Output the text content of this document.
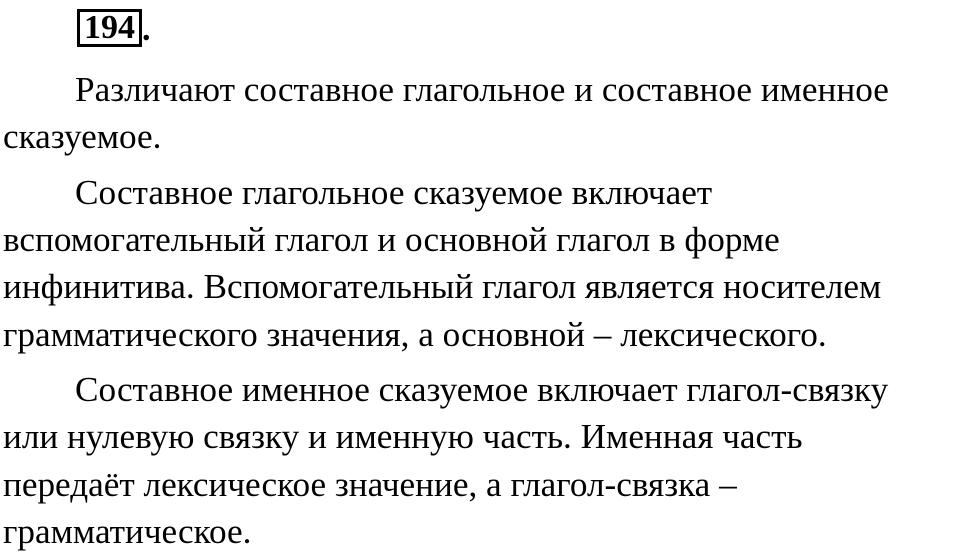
194 .

Различают составное глагольное и составное именное
сказуемое.

Составное глагольное сказуемое включает
вспомогательный глагол и основной глагол в форме
инфинитива. Вспомогательный глагол является носителем
грамматического значения, а основной – лексического.

Составное именное сказуемое включает глагол-связку
или нулевую связку и именную часть. Именная часть
передаёт лексическое значение, а глагол-связка –
грамматическое.
